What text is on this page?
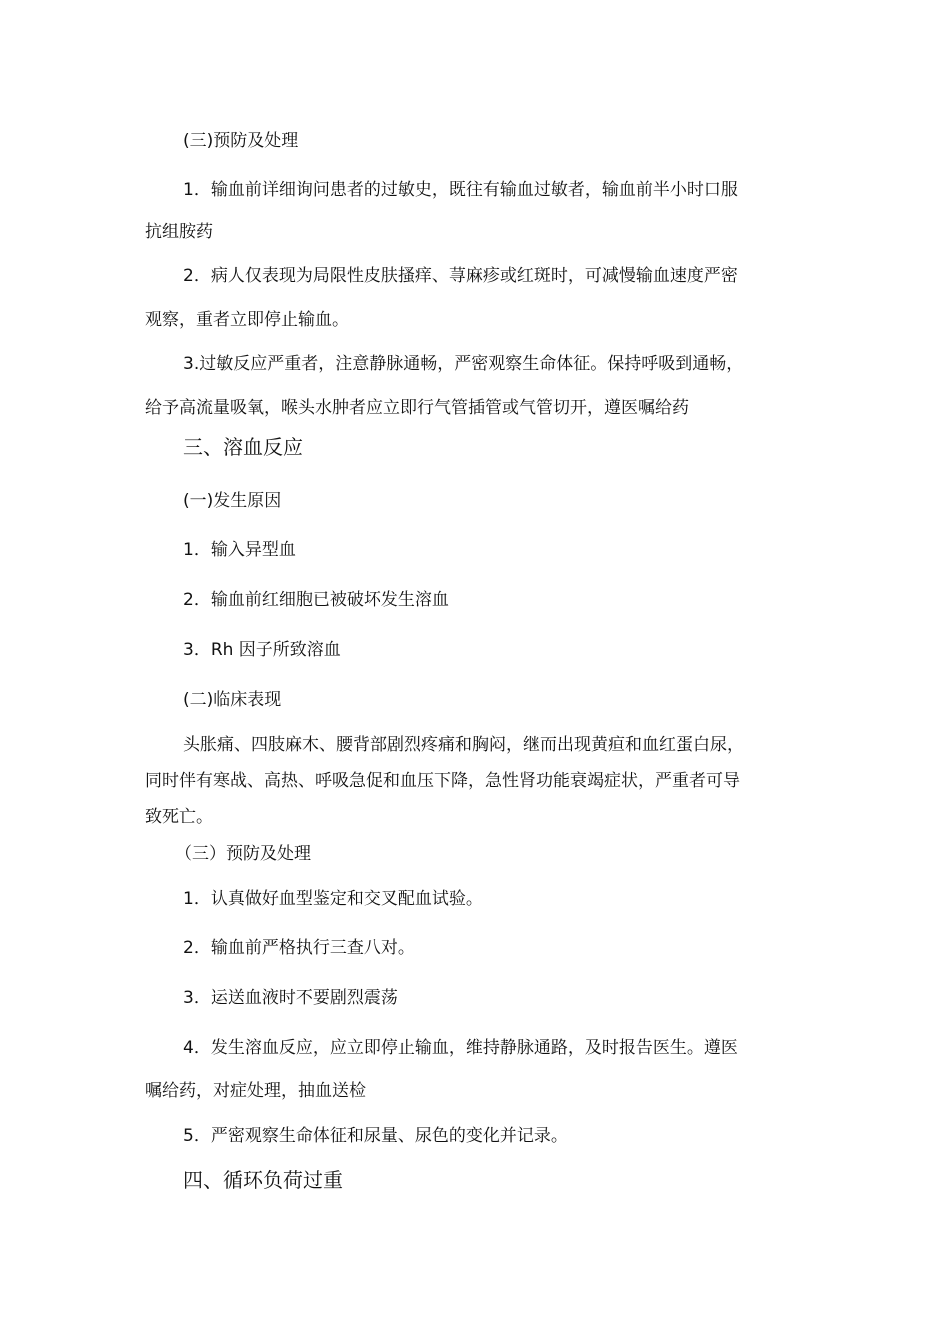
(三)预防及处理
1．输血前详细询问患者的过敏史，既往有输血过敏者，输血前半小时口服
抗组胺药
2．病人仅表现为局限性皮肤搔痒、荨麻疹或红斑时，可减慢输血速度严密
观察，重者立即停止输血。
3.过敏反应严重者，注意静脉通畅，严密观察生命体征。保持呼吸到通畅，
给予高流量吸氧，喉头水肿者应立即行气管插管或气管切开，遵医嘱给药
三、溶血反应
(一)发生原因
1．输入异型血
2．输血前红细胞已被破坏发生溶血
3．Rh 因子所致溶血
(二)临床表现
头胀痛、四肢麻木、腰背部剧烈疼痛和胸闷，继而出现黄疸和血红蛋白尿，
同时伴有寒战、高热、呼吸急促和血压下降，急性肾功能衰竭症状，严重者可导
致死亡。
（三）预防及处理
1．认真做好血型鉴定和交叉配血试验。
2．输血前严格执行三查八对。
3．运送血液时不要剧烈震荡
4．发生溶血反应，应立即停止输血，维持静脉通路，及时报告医生。遵医
嘱给药，对症处理，抽血送检
5．严密观察生命体征和尿量、尿色的变化并记录。
四、循环负荷过重
